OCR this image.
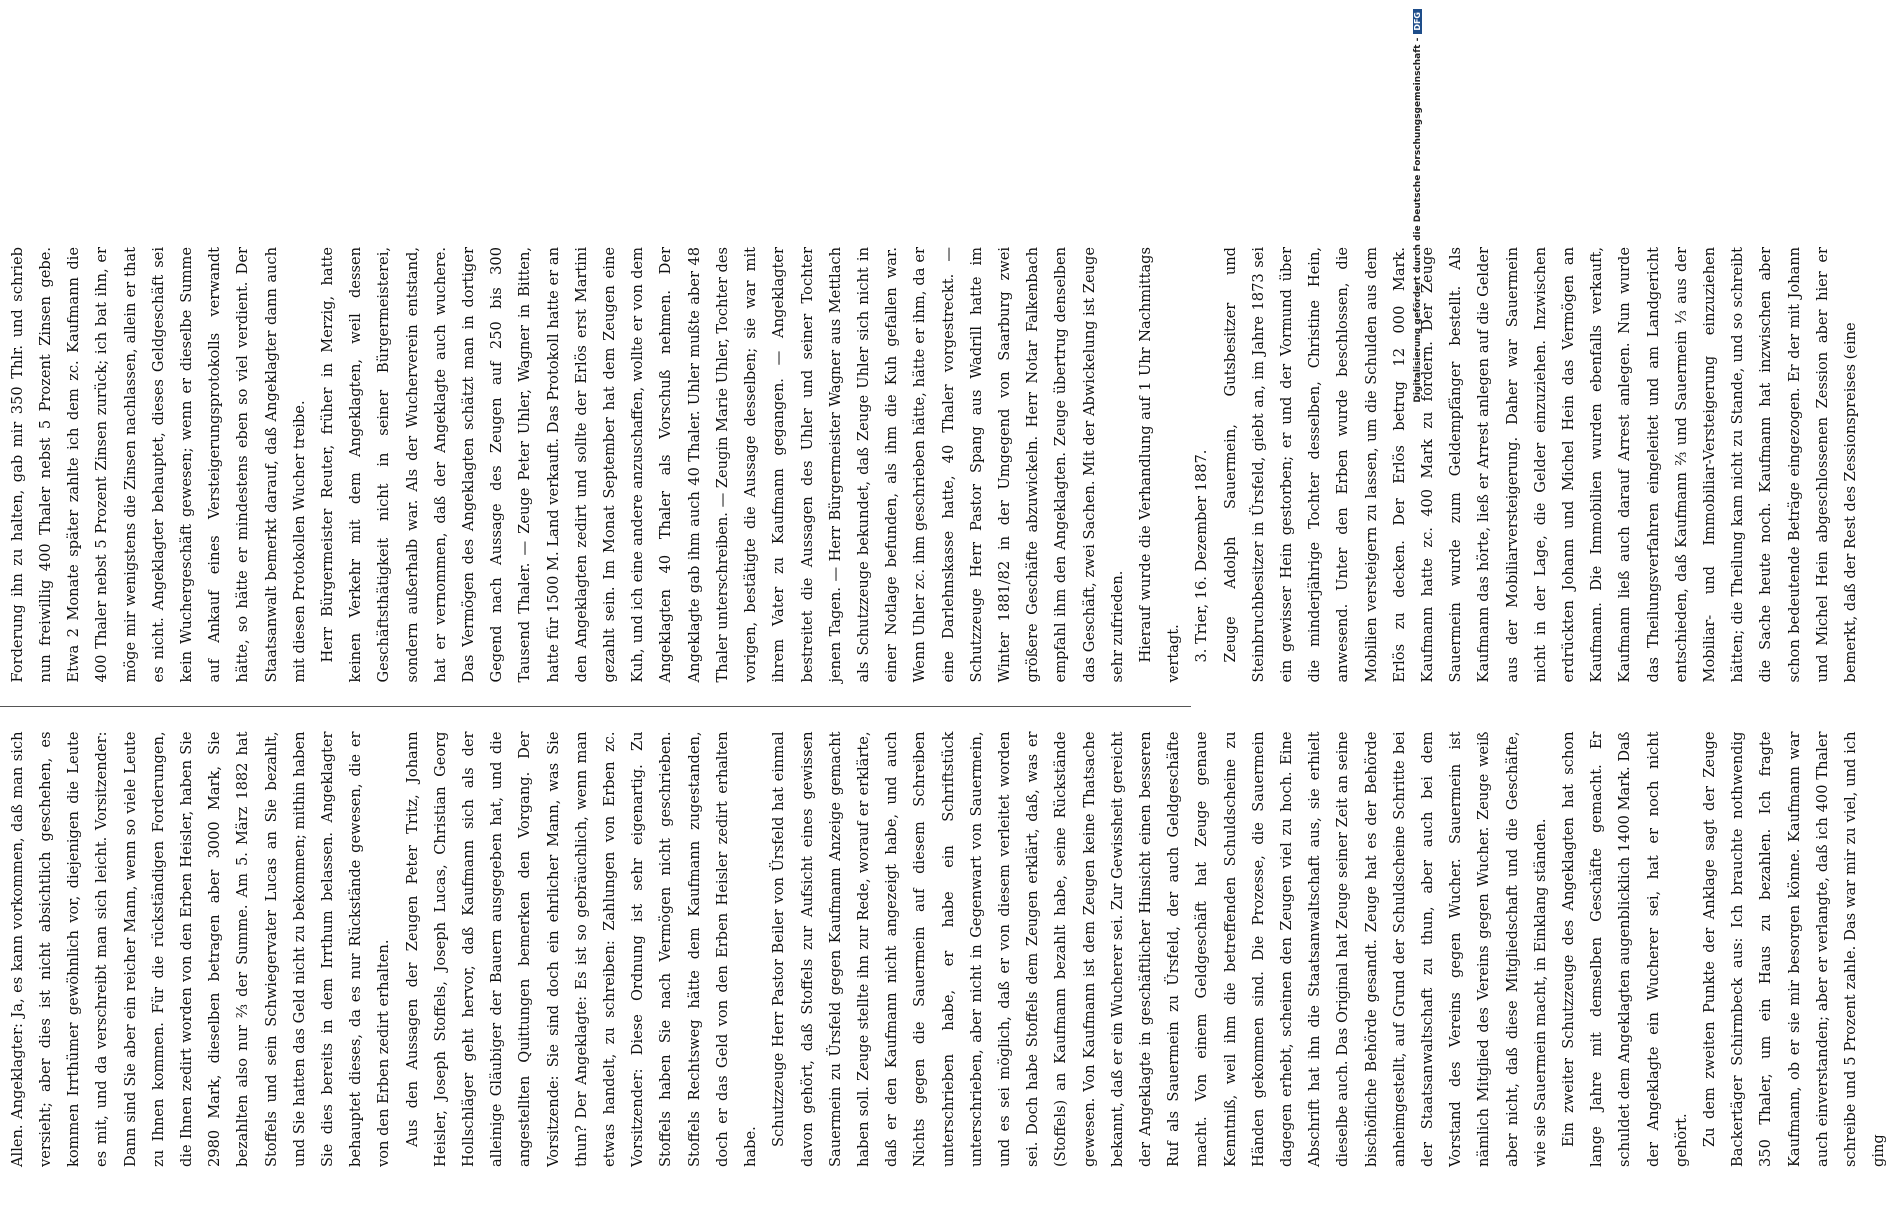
Allen. Angeklagter: Ja, es kann vorkommen, daß man sich versieht; aber dies ist nicht absichtlich geschehen, es kommen Irrthümer gewöhnlich vor, diejenigen die Leute es mit, und da verschreibt man sich leicht. Vorsitzender: Dann sind Sie aber ein reicher Mann, wenn so viele Leute zu Ihnen kommen. Für die rückständigen Forderungen, die Ihnen zedirt worden von den Erben Heisler, haben Sie 2980 Mark, dieselben betragen aber 3000 Mark, Sie bezahlten also nur ⅔ der Summe. Am 5. März 1882 hat Stoffels und sein Schwiegervater Lucas an Sie bezahlt, und Sie hatten das Geld nicht zu bekommen; mithin haben Sie dies bereits in dem Irrthum belassen. Angeklagter behauptet dieses, da es nur Rückstände gewesen, die er von den Erben zedirt erhalten. Aus den Aussagen der Zeugen Peter Tritz, Johann Heisler, Joseph Stoffels, Joseph Lucas, Christian Georg Hollschläger geht hervor, daß Kaufmann sich als der alleinige Gläubiger der Bauern ausgegeben hat, und die angestellten Quittungen bemerken den Vorgang. Der Vorsitzende: Sie sind doch ein ehrlicher Mann, was Sie thun? Der Angeklagte: Es ist so gebräuchlich, wenn man etwas handelt, zu schreiben: Zahlungen von Erben zc. Vorsitzender: Diese Ordnung ist sehr eigenartig. Zu Stoffels haben Sie nach Vermögen nicht geschrieben. Stoffels Rechtsweg hätte dem Kaufmann zugestanden, doch er das Geld von den Erben Heisler zedirt erhalten habe. Schutzzeuge Herr Pastor Beiler von Ürsfeld hat einmal davon gehört, daß Stoffels zur Aufsicht eines gewissen Sauermein zu Ürsfeld gegen Kaufmann Anzeige gemacht haben soll. Zeuge stellte ihn zur Rede, worauf er erklärte, daß er den Kaufmann nicht angezeigt habe, und auch Nichts gegen die Sauermein auf diesem Schreiben unterschrieben habe, er habe ein Schriftstück unterschrieben, aber nicht in Gegenwart von Sauermein, und es sei möglich, daß er von diesem verleitet worden sei. Doch habe Stoffels dem Zeugen erklärt, daß, was er (Stoffels) an Kaufmann bezahlt habe, seine Rückstände gewesen. Von Kaufmann ist dem Zeugen keine Thatsache bekannt, daß er ein Wucherer sei. Zur Gewissheit gereicht der Angeklagte in geschäftlicher Hinsicht einen besseren Ruf als Sauermein zu Ürsfeld, der auch Geldgeschäfte macht. Von einem Geldgeschäft hat Zeuge genaue Kenntniß, weil ihm die betreffenden Schuldscheine zu Händen gekommen sind. Die Prozesse, die Sauermein dagegen erhebt, scheinen den Zeugen viel zu hoch. Eine Abschrift hat ihn die Staatsanwaltschaft aus, sie erhielt dieselbe auch. Das Original hat Zeuge seiner Zeit an seine bischöfliche Behörde gesandt. Zeuge hat es der Behörde anheimgestellt, auf Grund der Schuldscheine Schritte bei der Staatsanwaltschaft zu thun, aber auch bei dem Vorstand des Vereins gegen Wucher. Sauermein ist nämlich Mitglied des Vereins gegen Wucher. Zeuge weiß aber nicht, daß diese Mitgliedschaft und die Geschäfte, wie sie Sauermein macht, in Einklang ständen. Ein zweiter Schutzzeuge des Angeklagten hat schon lange Jahre mit demselben Geschäfte gemacht. Er schuldet dem Angeklagten augenblicklich 1400 Mark. Daß der Angeklagte ein Wucherer sei, hat er noch nicht gehört. Zu dem zweiten Punkte der Anklage sagt der Zeuge Backertäger Schirmbeck aus: Ich brauchte nothwendig 350 Thaler, um ein Haus zu bezahlen. Ich fragte Kaufmann, ob er sie mir besorgen könne. Kaufmann war auch einverstanden; aber er verlangte, daß ich 400 Thaler schreibe und 5 Prozent zahle. Das war mir zu viel, und ich ging

Forderung ihn zu halten, gab mir 350 Thlr. und schrieb nun freiwillig 400 Thaler nebst 5 Prozent Zinsen gebe. Etwa 2 Monate später zahlte ich dem zc. Kaufmann die 400 Thaler nebst 5 Prozent Zinsen zurück; ich bat ihn, er möge mir wenigstens die Zinsen nachlassen, allein er that es nicht. Angeklagter behauptet, dieses Geldgeschäft sei kein Wuchergeschäft gewesen; wenn er dieselbe Summe auf Ankauf eines Versteigerungsprotokolls verwandt hätte, so hätte er mindestens eben so viel verdient. Der Staatsanwalt bemerkt darauf, daß Angeklagter dann auch mit diesen Protokollen Wucher treibe. Herr Bürgermeister Reuter, früher in Merzig, hatte keinen Verkehr mit dem Angeklagten, weil dessen Geschäftsthätigkeit nicht in seiner Bürgermeisterei, sondern außerhalb war. Als der Wucherverein entstand, hat er vernommen, daß der Angeklagte auch wuchere. Das Vermögen des Angeklagten schätzt man in dortiger Gegend nach Aussage des Zeugen auf 250 bis 300 Tausend Thaler. — Zeuge Peter Uhler, Wagner in Bitten, hatte für 1500 M. Land verkauft. Das Protokoll hatte er an den Angeklagten zedirt und sollte der Erlös erst Martini gezahlt sein. Im Monat September hat dem Zeugen eine Kuh, und ich eine andere anzuschaffen, wollte er von dem Angeklagten 40 Thaler als Vorschuß nehmen. Der Angeklagte gab ihm auch 40 Thaler. Uhler mußte aber 48 Thaler unterschreiben. — Zeugin Marie Uhler, Tochter des vorigen, bestätigte die Aussage desselben; sie war mit ihrem Vater zu Kaufmann gegangen. — Angeklagter bestreitet die Aussagen des Uhler und seiner Tochter jenen Tagen. — Herr Bürgermeister Wagner aus Mettlach als Schutzzeuge bekundet, daß Zeuge Uhler sich nicht in einer Notlage befunden, als ihm die Kuh gefallen war. Wenn Uhler zc. ihm geschrieben hätte, hätte er ihm, da er eine Darlehnskasse hatte, 40 Thaler vorgestreckt. — Schutzzeuge Herr Pastor Spang aus Wadrill hatte im Winter 1881/82 in der Umgegend von Saarburg zwei größere Geschäfte abzuwickeln. Herr Notar Falkenbach empfahl ihm den Angeklagten. Zeuge übertrug denselben das Geschäft, zwei Sachen. Mit der Abwickelung ist Zeuge sehr zufrieden. Hierauf wurde die Verhandlung auf 1 Uhr Nachmittags vertagt. 3. Trier, 16. Dezember 1887. Zeuge Adolph Sauermein, Gutsbesitzer und Steinbruchbesitzer in Ürsfeld, giebt an, im Jahre 1873 sei ein gewisser Hein gestorben; er und der Vormund über die minderjährige Tochter desselben, Christine Hein, anwesend. Unter den Erben wurde beschlossen, die Mobilien versteigern zu lassen, um die Schulden aus dem Erlös zu decken. Der Erlös betrug 12 000 Mark. Kaufmann hatte zc. 400 Mark zu fordern. Der Zeuge Sauermein wurde zum Geldempfänger bestellt. Als Kaufmann das hörte, ließ er Arrest anlegen auf die Gelder aus der Mobiliarversteigerung. Daher war Sauermein nicht in der Lage, die Gelder einzuziehen. Inzwischen erdrückten Johann und Michel Hein das Vermögen an Kaufmann. Die Immobilien wurden ebenfalls verkauft, Kaufmann ließ auch darauf Arrest anlegen. Nun wurde das Theilungsverfahren eingeleitet und am Landgericht entschieden, daß Kaufmann ⅔ und Sauermein ⅓ aus der Mobiliar- und Immobiliar-Versteigerung einzuziehen hätten; die Theilung kam nicht zu Stande, und so schreibt die Sache heute noch. Kaufmann hat inzwischen aber schon bedeutende Beträge eingezogen. Er der mit Johann und Michel Hein abgeschlossenen Zession aber hier er bemerkt, daß der Rest des Zessionspreises (eine

Digitalisierung gefördert durch die Deutsche Forschungsgemeinschaft -DFG
